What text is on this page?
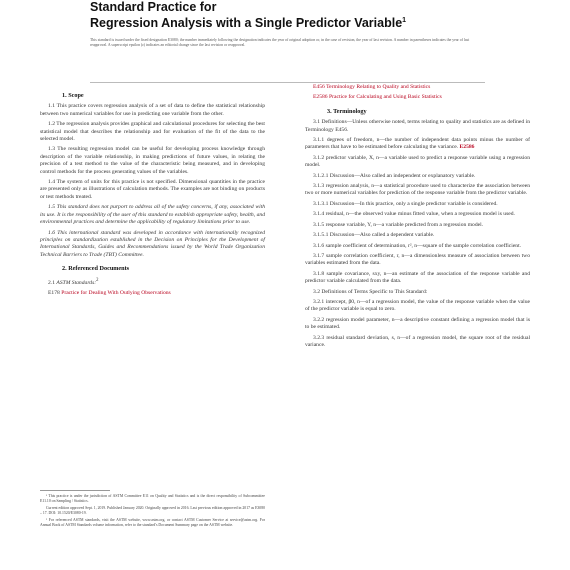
Standard Practice for
Regression Analysis with a Single Predictor Variable$^1$
This standard is issued under the fixed designation E3080; the number immediately following the designation indicates the year of original adoption or, in the case of revision, the year of last revision. A number in parentheses indicates the year of last reapproval. A superscript epsilon (ε) indicates an editorial change since the last revision or reapproval.
1. Scope

1.1 This practice covers regression analysis of a set of data to define the statistical relationship between two numerical variables for use in predicting one variable from the other.

1.2 The regression analysis provides graphical and calculational procedures for selecting the best statistical model that describes the relationship and for evaluation of the fit of the data to the selected model.

1.3 The resulting regression model can be useful for developing process knowledge through description of the variable relationship, in making predictions of future values, in relating the precision of a test method to the value of the characteristic being measured, and in developing control methods for the process generating values of the variables.

1.4 The system of units for this practice is not specified. Dimensional quantities in the practice are presented only as illustrations of calculation methods. The examples are not binding on products or test methods treated.

1.5 This standard does not purport to address all of the safety concerns, if any, associated with its use. It is the responsibility of the user of this standard to establish appropriate safety, health, and environmental practices and determine the applicability of regulatory limitations prior to use.

1.6 This international standard was developed in accordance with internationally recognized principles on standardization established in the Decision on Principles for the Development of International Standards, Guides and Recommendations issued by the World Trade Organization Technical Barriers to Trade (TBT) Committee.

2. Referenced Documents

2.1 ASTM Standards:$^2$

E178 Practice for Dealing With Outlying Observations

¹ This practice is under the jurisdiction of ASTM Committee E11 on Quality and Statistics and is the direct responsibility of Subcommittee E11.10 on Sampling / Statistics.

Current edition approved Sept. 1, 2019. Published January 2020. Originally approved in 2016. Last previous edition approved in 2017 as E3080 – 17. DOI: 10.1520/E3080-19.

² For referenced ASTM standards, visit the ASTM website, www.astm.org, or contact ASTM Customer Service at service@astm.org. For Annual Book of ASTM Standards volume information, refer to the standard's Document Summary page on the ASTM website.

E456 Terminology Relating to Quality and Statistics

E2586 Practice for Calculating and Using Basic Statistics

3. Terminology

3.1 Definitions—Unless otherwise noted, terms relating to quality and statistics are as defined in Terminology E456.

3.1.1 degrees of freedom, n—the number of independent data points minus the number of parameters that have to be estimated before calculating the variance. E2586

3.1.2 predictor variable, X, n—a variable used to predict a response variable using a regression model.

3.1.2.1 Discussion—Also called an independent or explanatory variable.

3.1.3 regression analysis, n—a statistical procedure used to characterize the association between two or more numerical variables for prediction of the response variable from the predictor variable.

3.1.3.1 Discussion—In this practice, only a single predictor variable is considered.

3.1.4 residual, n—the observed value minus fitted value, when a regression model is used.

3.1.5 response variable, Y, n—a variable predicted from a regression model.

3.1.5.1 Discussion—Also called a dependent variable.

3.1.6 sample coefficient of determination, r², n—square of the sample correlation coefficient.

3.1.7 sample correlation coefficient, r, n—a dimensionless measure of association between two variables estimated from the data.

3.1.8 sample covariance, sxy, n—an estimate of the association of the response variable and predictor variable calculated from the data.

3.2 Definitions of Terms Specific to This Standard:

3.2.1 intercept, β0, n—of a regression model, the value of the response variable when the value of the predictor variable is equal to zero.

3.2.2 regression model parameter, n—a descriptive constant defining a regression model that is to be estimated.

3.2.3 residual standard deviation, s, n—of a regression model, the square root of the residual variance.
